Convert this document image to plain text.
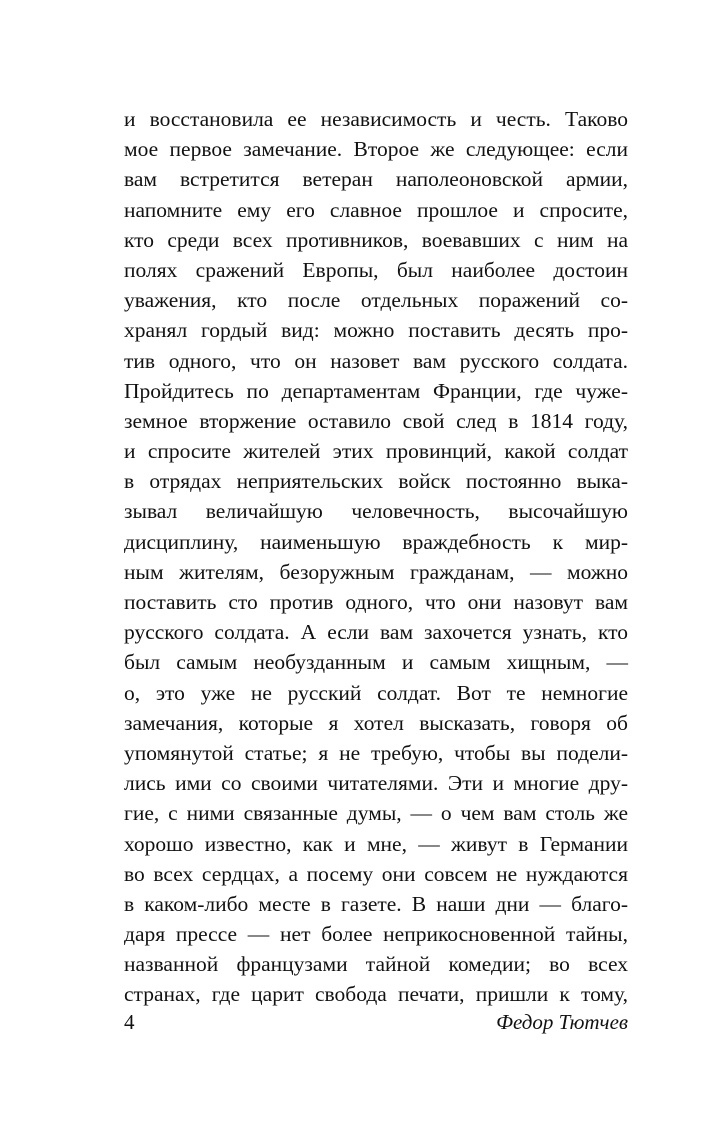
и восстановила ее независимость и честь. Таково
мое первое замечание. Второе же следующее: если
вам встретится ветеран наполеоновской армии,
напомните ему его славное прошлое и спросите,
кто среди всех противников, воевавших с ним на
полях сражений Европы, был наиболее достоин
уважения, кто после отдельных поражений со-
хранял гордый вид: можно поставить десять про-
тив одного, что он назовет вам русского солдата.
Пройдитесь по департаментам Франции, где чуже-
земное вторжение оставило свой след в 1814 году,
и спросите жителей этих провинций, какой солдат
в отрядах неприятельских войск постоянно выка-
зывал величайшую человечность, высочайшую
дисциплину, наименьшую враждебность к мир-
ным жителям, безоружным гражданам, — можно
поставить сто против одного, что они назовут вам
русского солдата. А если вам захочется узнать, кто
был самым необузданным и самым хищным, —
о, это уже не русский солдат. Вот те немногие
замечания, которые я хотел высказать, говоря об
упомянутой статье; я не требую, чтобы вы подели-
лись ими со своими читателями. Эти и многие дру-
гие, с ними связанные думы, — о чем вам столь же
хорошо известно, как и мне, — живут в Германии
во всех сердцах, а посему они совсем не нуждаются
в каком-либо месте в газете. В наши дни — благо-
даря прессе — нет более неприкосновенной тайны,
названной французами тайной комедии; во всех
странах, где царит свобода печати, пришли к тому,
4	Федор Тютчев
